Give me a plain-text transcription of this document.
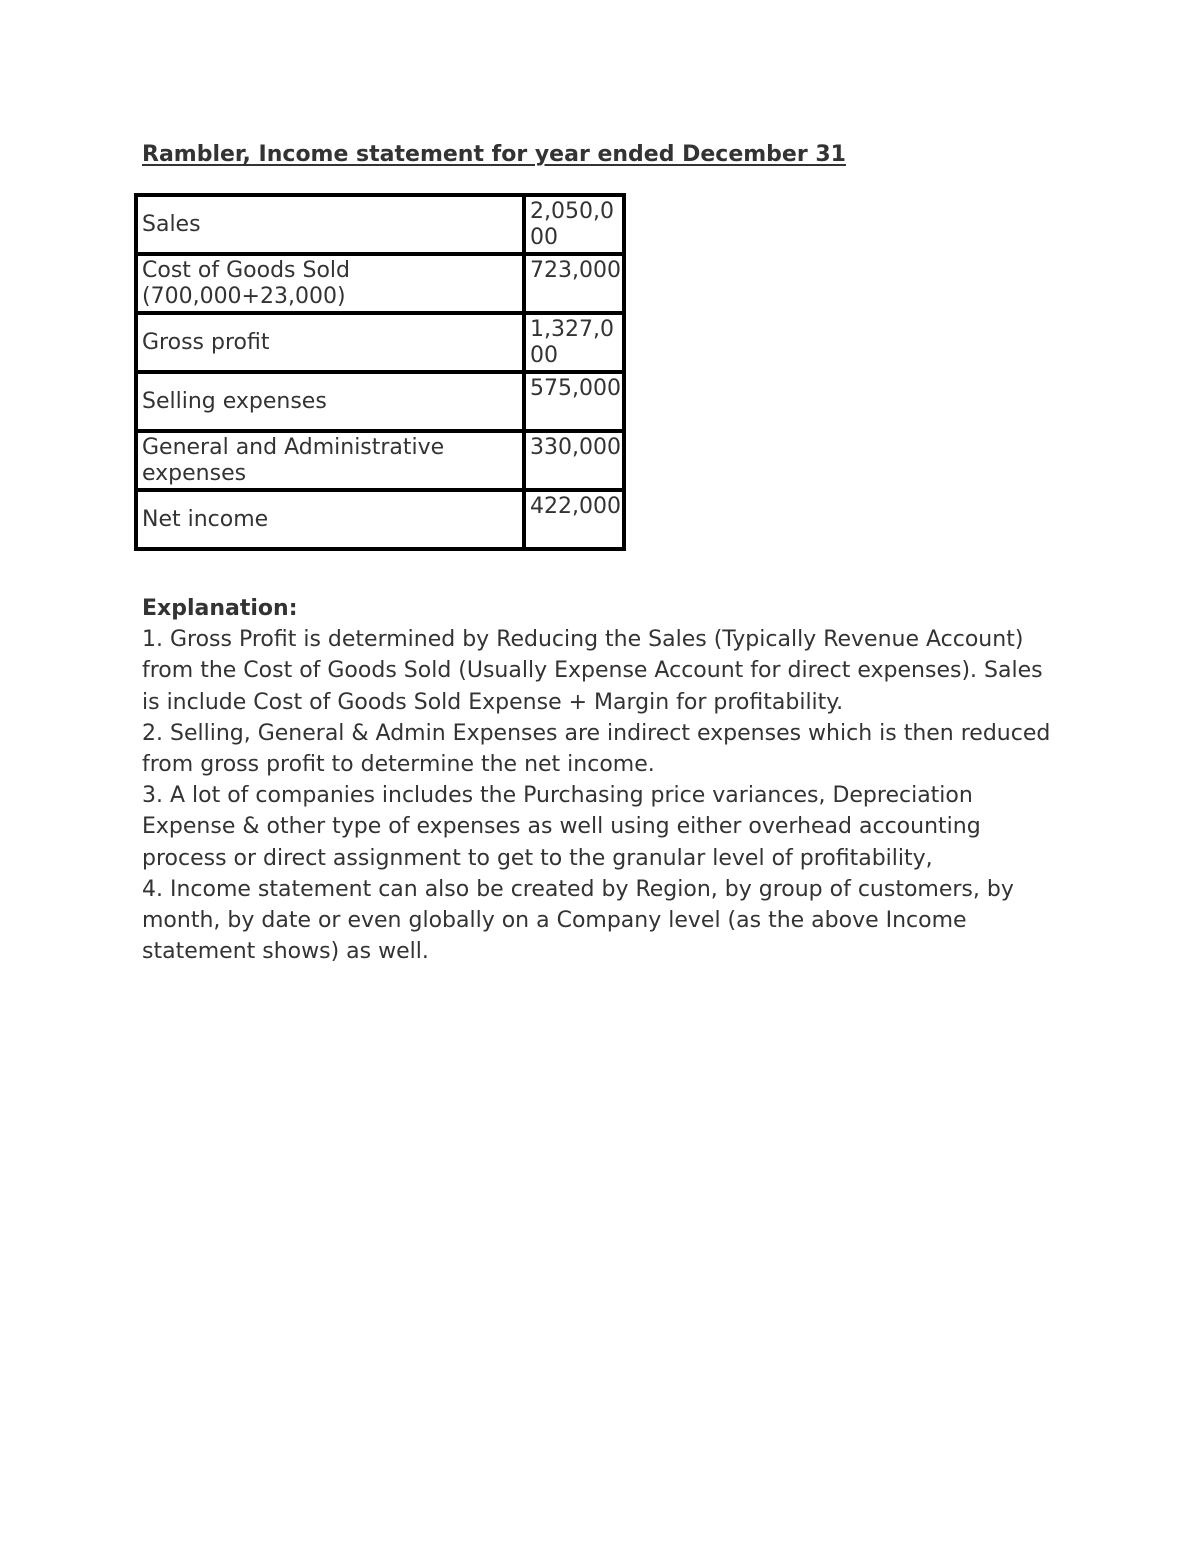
Rambler, Income statement for year ended December 31
Sales	2,050,000
Cost of Goods Sold (700,000+23,000)	723,000
Gross profit	1,327,000
Selling expenses	575,000
General and Administrative expenses	330,000
Net income	422,000
Explanation:
1. Gross Profit is determined by Reducing the Sales (Typically Revenue Account) from the Cost of Goods Sold (Usually Expense Account for direct expenses). Sales is include Cost of Goods Sold Expense + Margin for profitability.
2. Selling, General & Admin Expenses are indirect expenses which is then reduced from gross profit to determine the net income.
3. A lot of companies includes the Purchasing price variances, Depreciation Expense & other type of expenses as well using either overhead accounting process or direct assignment to get to the granular level of profitability,
4. Income statement can also be created by Region, by group of customers, by month, by date or even globally on a Company level (as the above Income statement shows) as well.
